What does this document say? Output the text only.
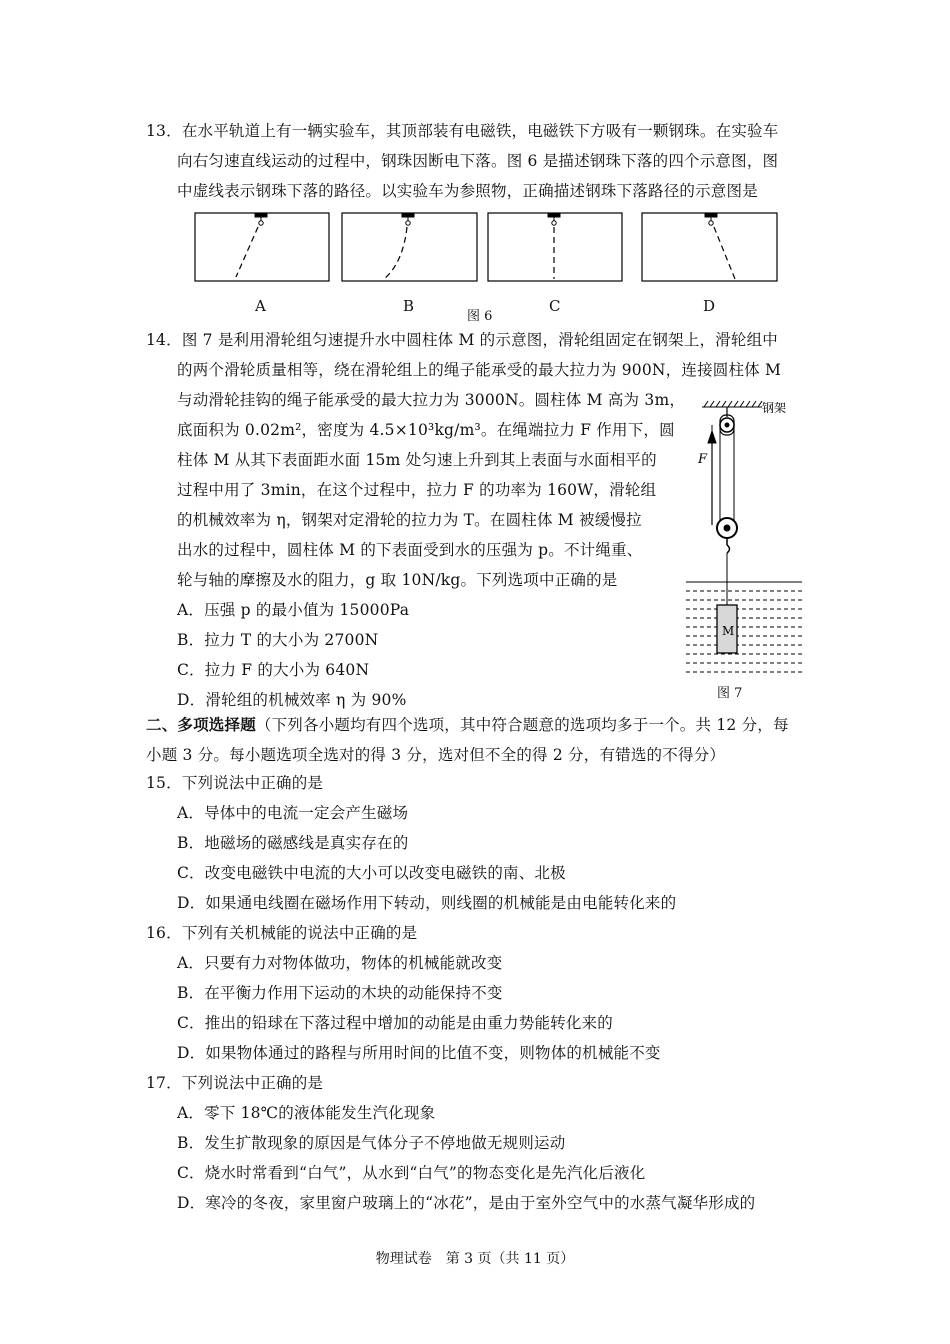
13．在水平轨道上有一辆实验车，其顶部装有电磁铁，电磁铁下方吸有一颗钢珠。在实验车
向右匀速直线运动的过程中，钢珠因断电下落。图 6 是描述钢珠下落的四个示意图，图
中虚线表示钢珠下落的路径。以实验车为参照物，正确描述钢珠下落路径的示意图是
A	B	C	D
图 6
14．图 7 是利用滑轮组匀速提升水中圆柱体 M 的示意图，滑轮组固定在钢架上，滑轮组中
的两个滑轮质量相等，绕在滑轮组上的绳子能承受的最大拉力为 900N，连接圆柱体 M
与动滑轮挂钩的绳子能承受的最大拉力为 3000N。圆柱体 M 高为 3m，
底面积为 0.02m²，密度为 4.5×10³kg/m³。在绳端拉力 F 作用下，圆
柱体 M 从其下表面距水面 15m 处匀速上升到其上表面与水面相平的
过程中用了 3min，在这个过程中，拉力 F 的功率为 160W，滑轮组
的机械效率为 η，钢架对定滑轮的拉力为 T。在圆柱体 M 被缓慢拉
出水的过程中，圆柱体 M 的下表面受到水的压强为 p。不计绳重、
轮与轴的摩擦及水的阻力，g 取 10N/kg。下列选项中正确的是
A．压强 p 的最小值为 15000Pa
B．拉力 T 的大小为 2700N
C．拉力 F 的大小为 640N
D．滑轮组的机械效率 η 为 90%
钢架
F
M
图 7
二、多项选择题（下列各小题均有四个选项，其中符合题意的选项均多于一个。共 12 分，每
小题 3 分。每小题选项全选对的得 3 分，选对但不全的得 2 分，有错选的不得分）
15．下列说法中正确的是
A．导体中的电流一定会产生磁场
B．地磁场的磁感线是真实存在的
C．改变电磁铁中电流的大小可以改变电磁铁的南、北极
D．如果通电线圈在磁场作用下转动，则线圈的机械能是由电能转化来的
16．下列有关机械能的说法中正确的是
A．只要有力对物体做功，物体的机械能就改变
B．在平衡力作用下运动的木块的动能保持不变
C．推出的铅球在下落过程中增加的动能是由重力势能转化来的
D．如果物体通过的路程与所用时间的比值不变，则物体的机械能不变
17．下列说法中正确的是
A．零下 18℃的液体能发生汽化现象
B．发生扩散现象的原因是气体分子不停地做无规则运动
C．烧水时常看到“白气”，从水到“白气”的物态变化是先汽化后液化
D．寒冷的冬夜，家里窗户玻璃上的“冰花”，是由于室外空气中的水蒸气凝华形成的
物理试卷　第 3 页（共 11 页）
